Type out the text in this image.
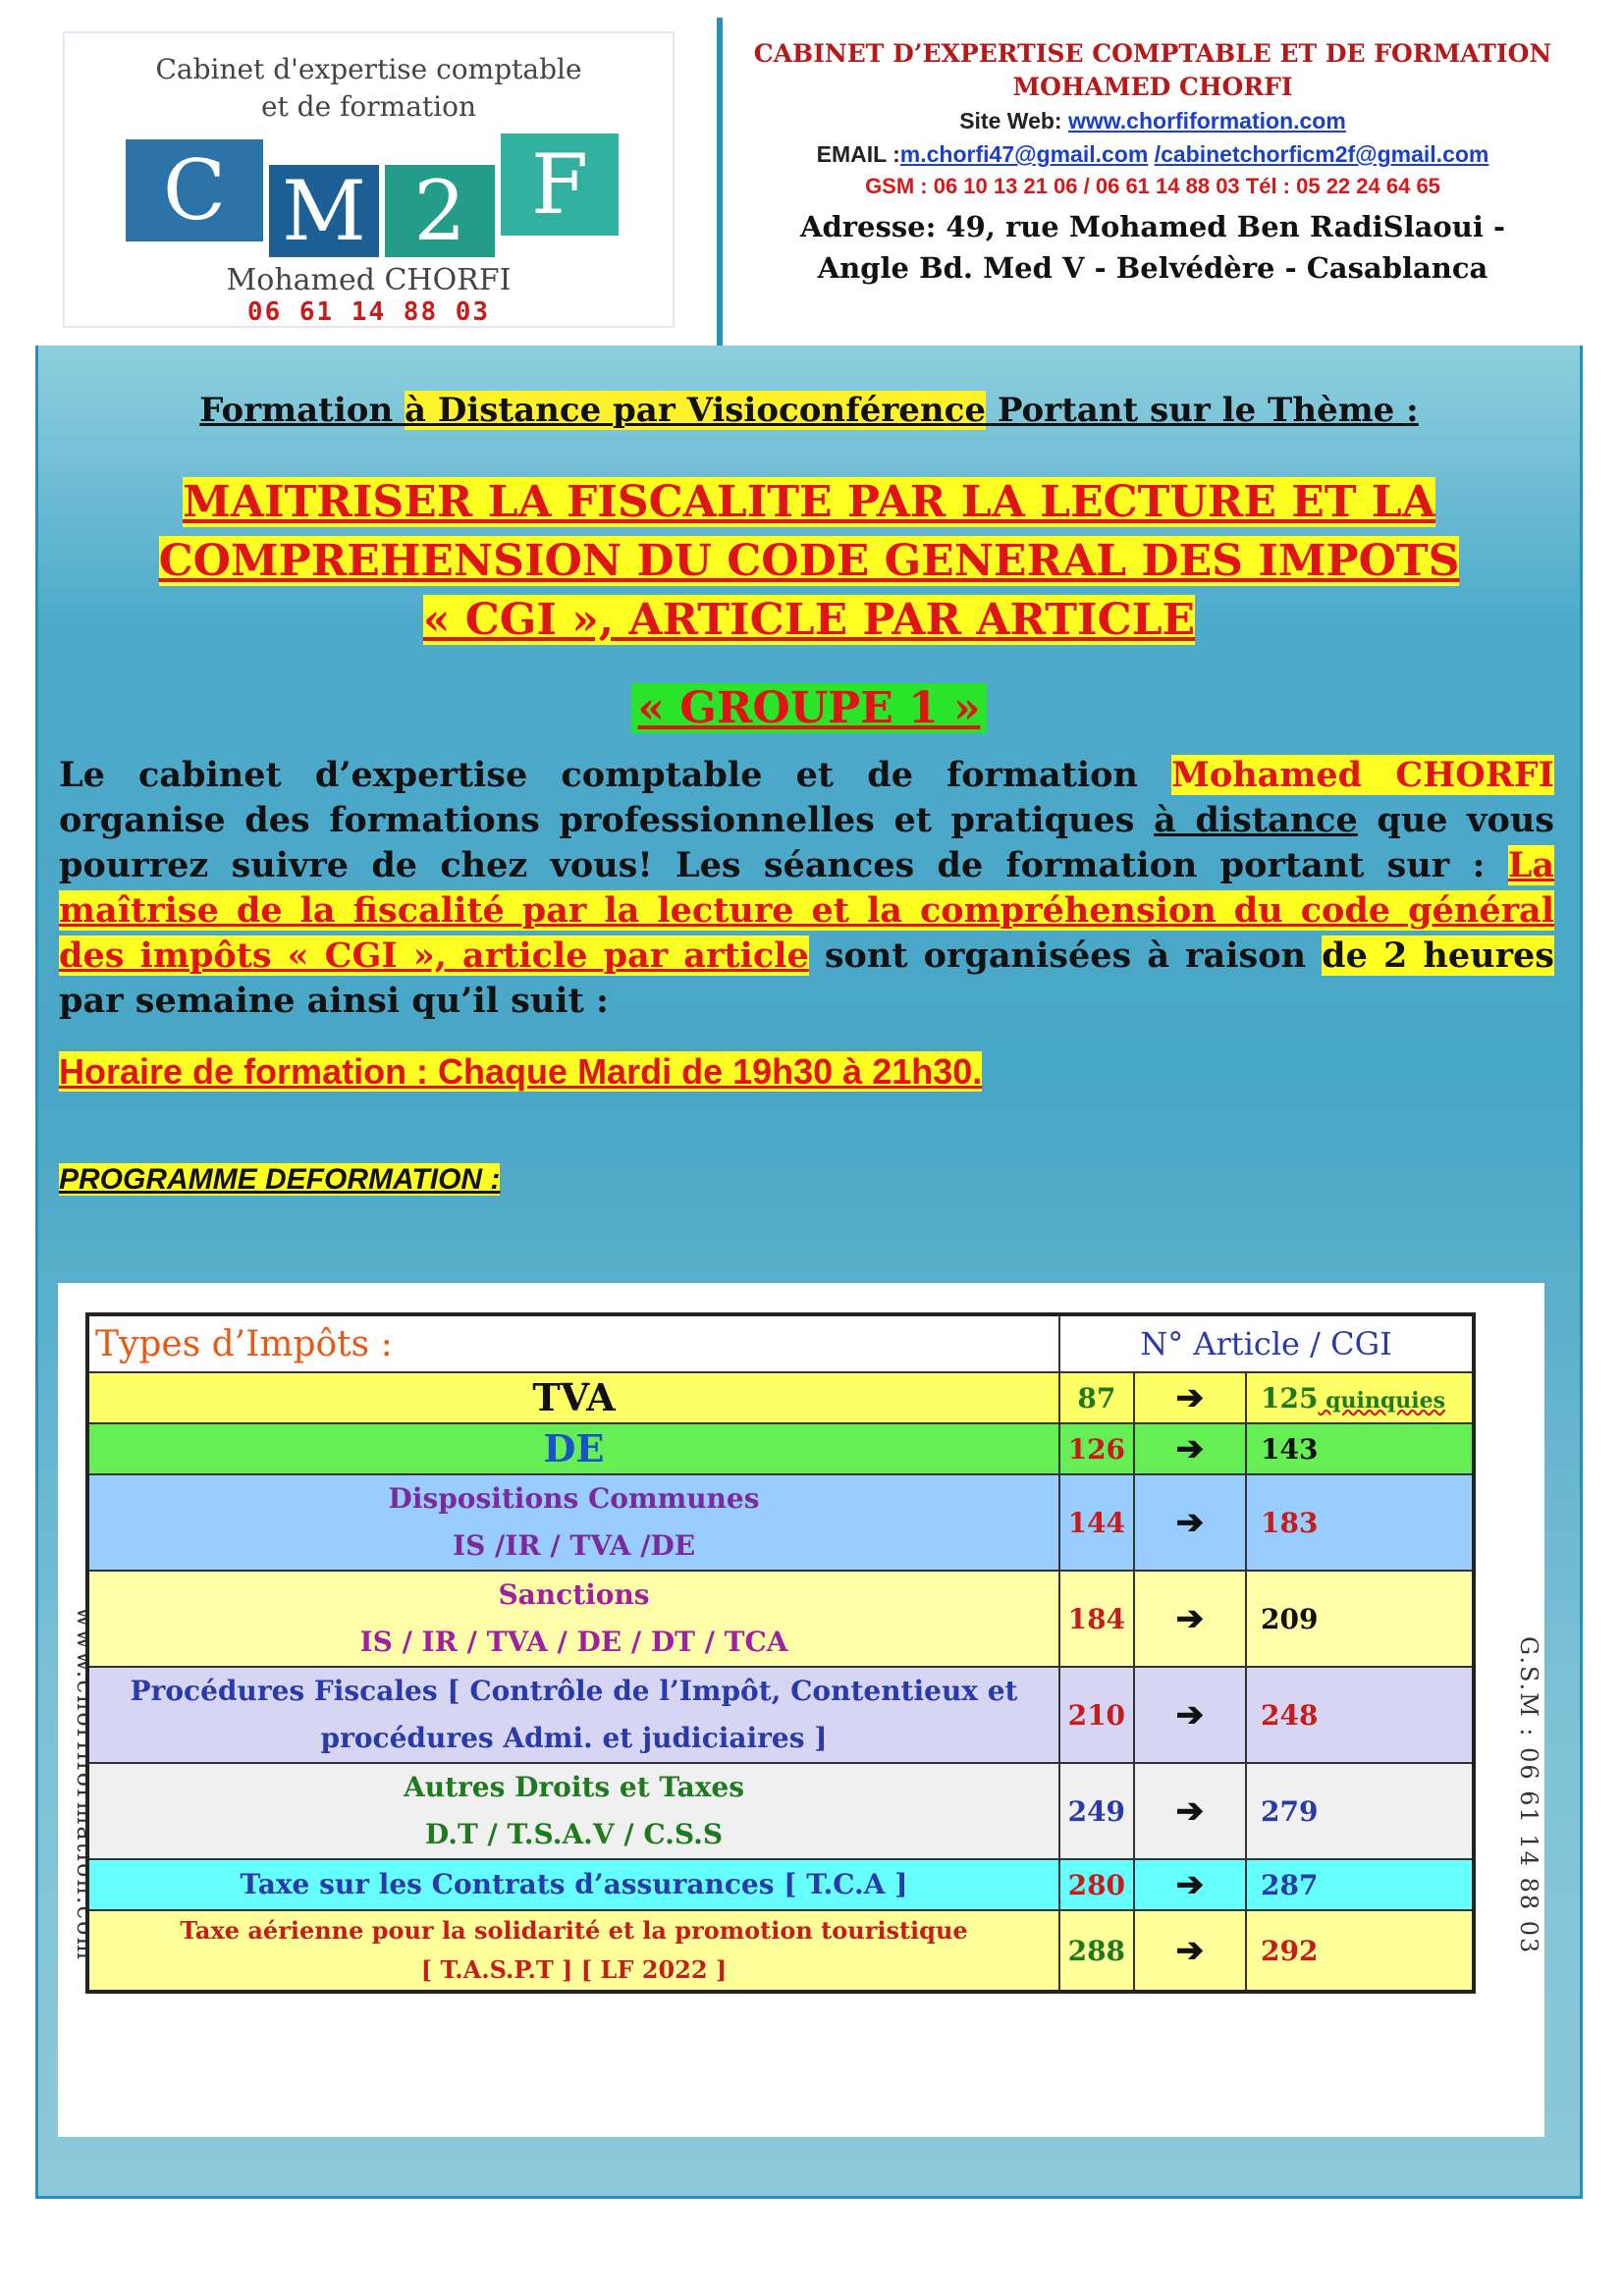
Cabinet d'expertise comptable
et de formation
C M 2 F
Mohamed CHORFI
06 61 14 88 03
CABINET D’EXPERTISE COMPTABLE ET DE FORMATION
MOHAMED CHORFI
Site Web: www.chorfiformation.com
EMAIL :m.chorfi47@gmail.com /cabinetchorficm2f@gmail.com
GSM : 06 10 13 21 06 / 06 61 14 88 03 Tél : 05 22 24 64 65
Adresse: 49, rue Mohamed Ben RadiSlaoui -
Angle Bd. Med V - Belvédère - Casablanca
Formation à Distance par Visioconférence Portant sur le Thème :
MAITRISER LA FISCALITE PAR LA LECTURE ET LA
COMPREHENSION DU CODE GENERAL DES IMPOTS
« CGI », ARTICLE PAR ARTICLE
« GROUPE 1 »
Le cabinet d’expertise comptable et de formation Mohamed CHORFI organise des formations professionnelles et pratiques à distance que vous pourrez suivre de chez vous! Les séances de formation portant sur : La maîtrise de la fiscalité par la lecture et la compréhension du code général des impôts « CGI », article par article sont organisées à raison de 2 heures par semaine ainsi qu’il suit :
Horaire de formation : Chaque Mardi de 19h30 à 21h30.
PROGRAMME DEFORMATION :
www.chorfiformation.com	G.S.M : 06 61 14 88 03
Types d’Impôts :	N° Article / CGI		

TVA	87	➔	125 quinquies

DE	126	➔	143

Dispositions Communes
IS /IR / TVA /DE	144	➔	183

Sanctions
IS / IR / TVA / DE / DT / TCA	184	➔	209

Procédures Fiscales [ Contrôle de l’Impôt, Contentieux et
procédures Admi. et judiciaires ]	210	➔	248

Autres Droits et Taxes
D.T / T.S.A.V / C.S.S	249	➔	279

Taxe sur les Contrats d’assurances [ T.C.A ]	280	➔	287

Taxe aérienne pour la solidarité et la promotion touristique
[ T.A.S.P.T ] [ LF 2022 ]	288	➔	292
